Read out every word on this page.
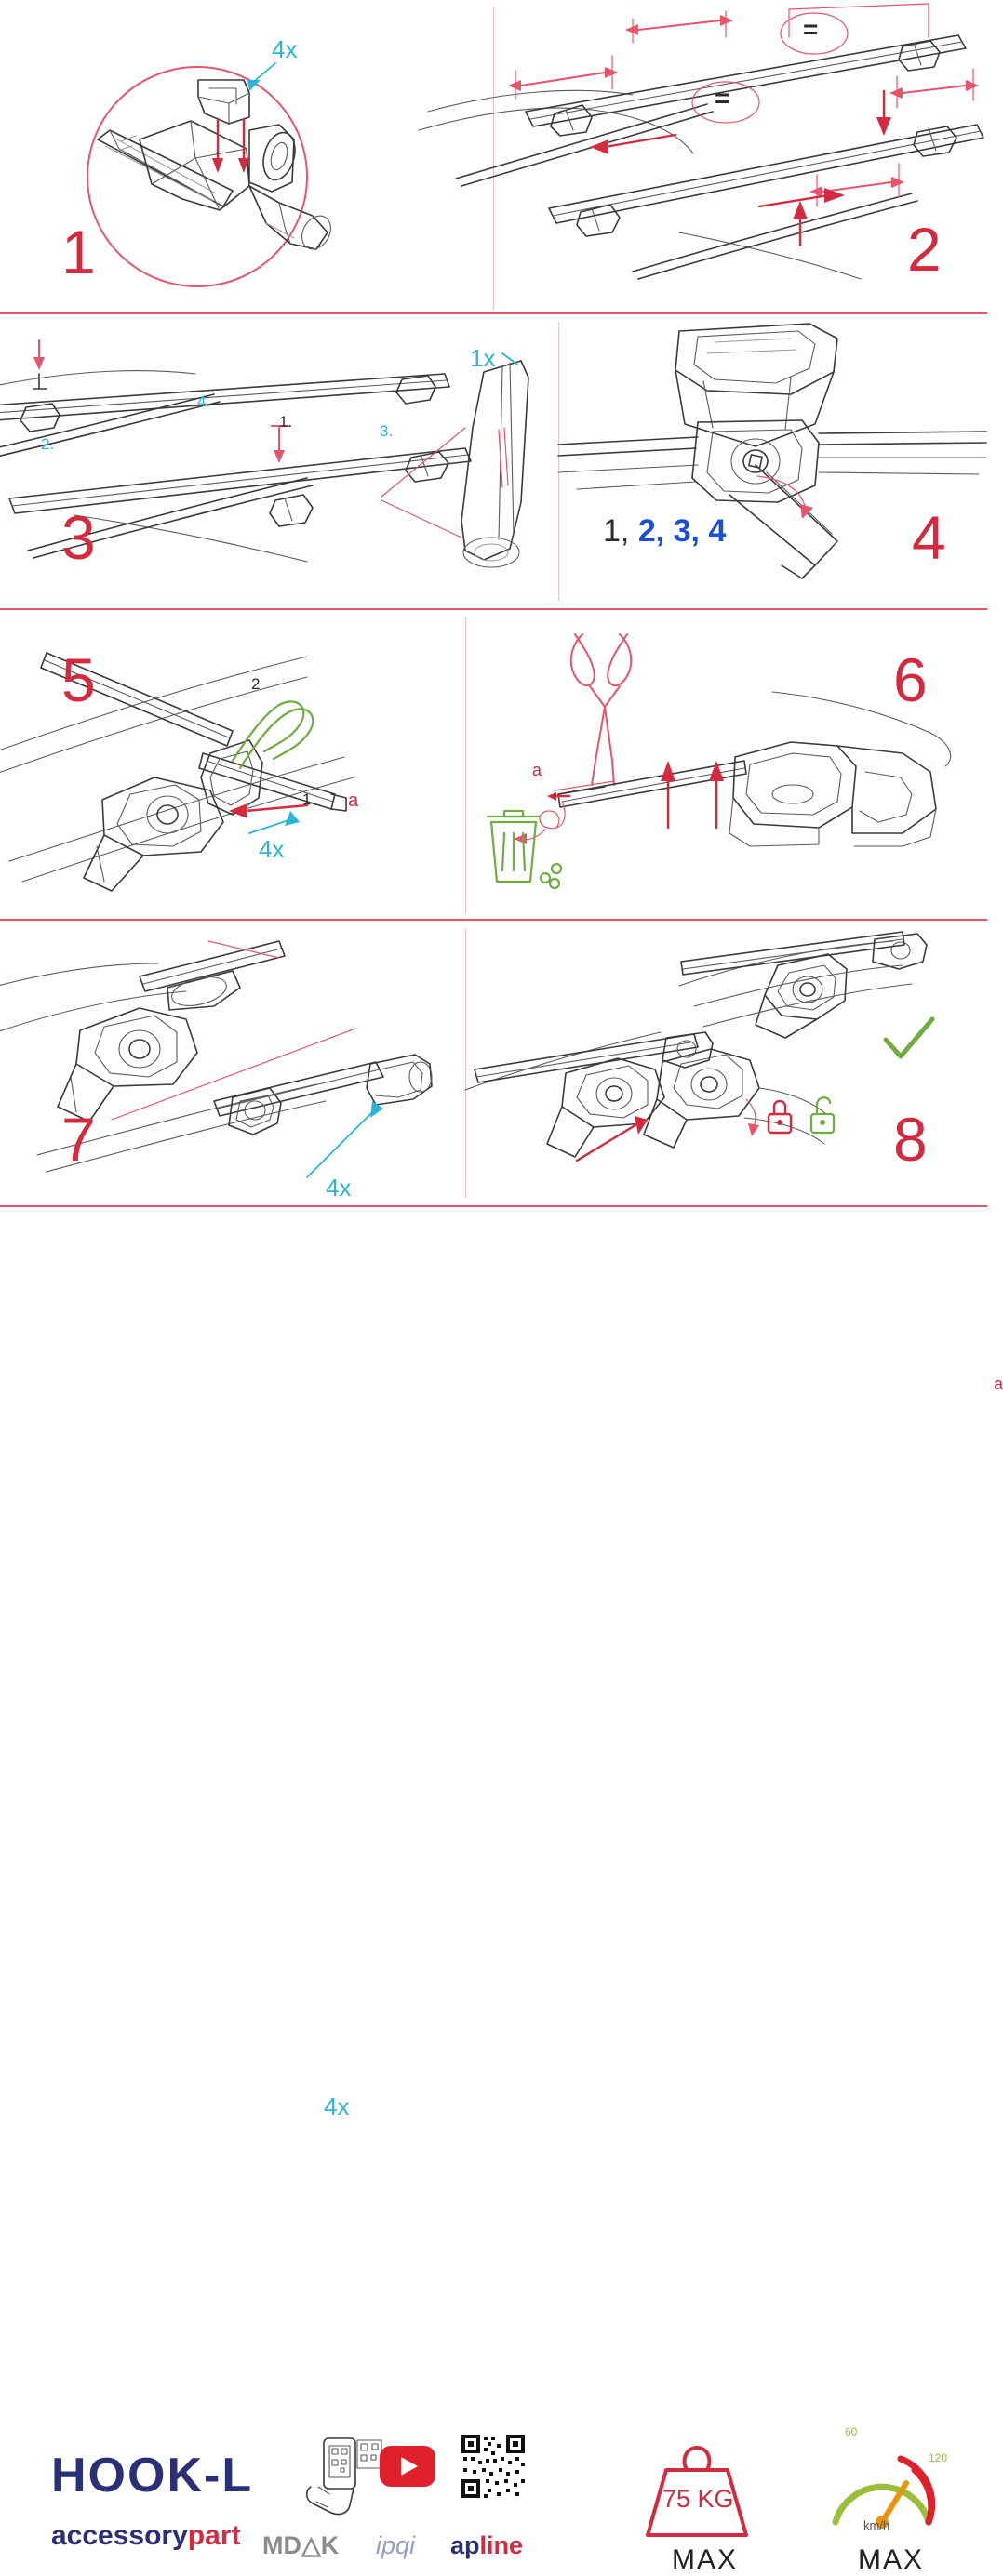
4x
1
=
=
2
4.
2.
3.
1.
1x
3	1, 2, 3, 4	4
2
1 a
4x
5
a
6
a
4x
7
4x
8
HOOK-L
accessorypart MD△K ipqi apline
75 KG
MAX
60
120
km/h
MAX
